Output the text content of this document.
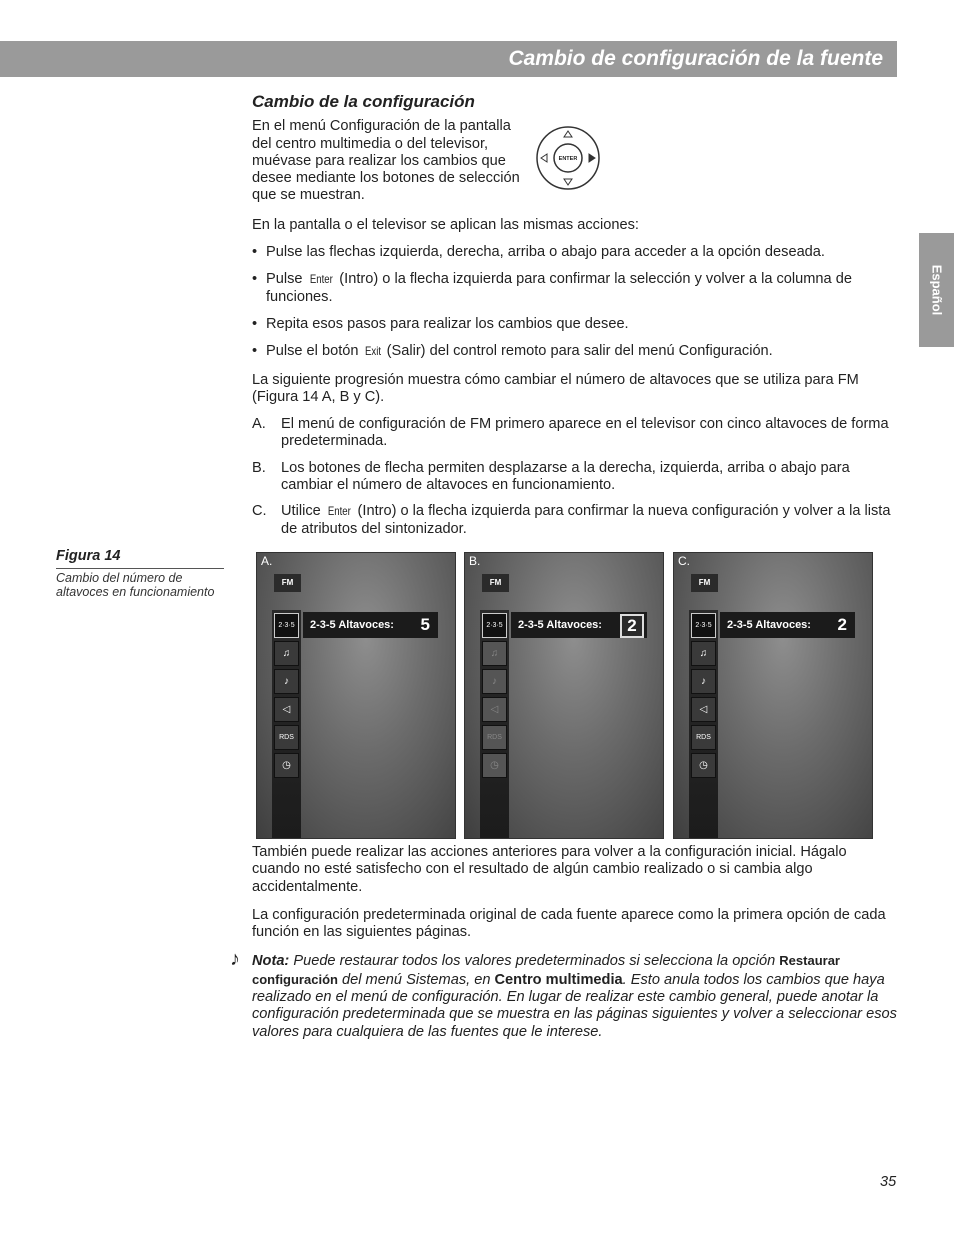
Cambio de configuración de la fuente
Español
Cambio de la configuración

En el menú Configuración de la pantalla del centro multimedia o del televisor, muévase para realizar los cambios que desee mediante los botones de selección que se muestran.

En la pantalla o el televisor se aplican las mismas acciones:

• Pulse las flechas izquierda, derecha, arriba o abajo para acceder a la opción deseada.
• Pulse Enter (Intro) o la flecha izquierda para confirmar la selección y volver a la columna de funciones.
• Repita esos pasos para realizar los cambios que desee.
• Pulse el botón Exit (Salir) del control remoto para salir del menú Configuración.

La siguiente progresión muestra cómo cambiar el número de altavoces que se utiliza para FM (Figura 14 A, B y C).

A. El menú de configuración de FM primero aparece en el televisor con cinco altavoces de forma predeterminada.
B. Los botones de flecha permiten desplazarse a la derecha, izquierda, arriba o abajo para cambiar el número de altavoces en funcionamiento.
C. Utilice Enter (Intro) o la flecha izquierda para confirmar la nueva configuración y volver a la lista de atributos del sintonizador.
ENTER
Figura 14
Cambio del número de altavoces en funcionamiento
A.
FM
2·3·5
♫
♪
◁
RDS
◷
2-3-5 Altavoces: 5
B.
FM
2·3·5
♫
♪
◁
RDS
◷
2-3-5 Altavoces:	2
C.
FM
2·3·5
♫
♪
◁
RDS
◷
2-3-5 Altavoces: 2

También puede realizar las acciones anteriores para volver a la configuración inicial. Hágalo cuando no esté satisfecho con el resultado de algún cambio realizado o si cambia algo accidentalmente.

La configuración predeterminada original de cada fuente aparece como la primera opción de cada función en las siguientes páginas.

♪ Nota: Puede restaurar todos los valores predeterminados si selecciona la opción Restaurar configuración del menú Sistemas, en Centro multimedia. Esto anula todos los cambios que haya realizado en el menú de configuración. En lugar de realizar este cambio general, puede anotar la configuración predeterminada que se muestra en las páginas siguientes y volver a seleccionar esos valores para cualquiera de las fuentes que le interese.
35
